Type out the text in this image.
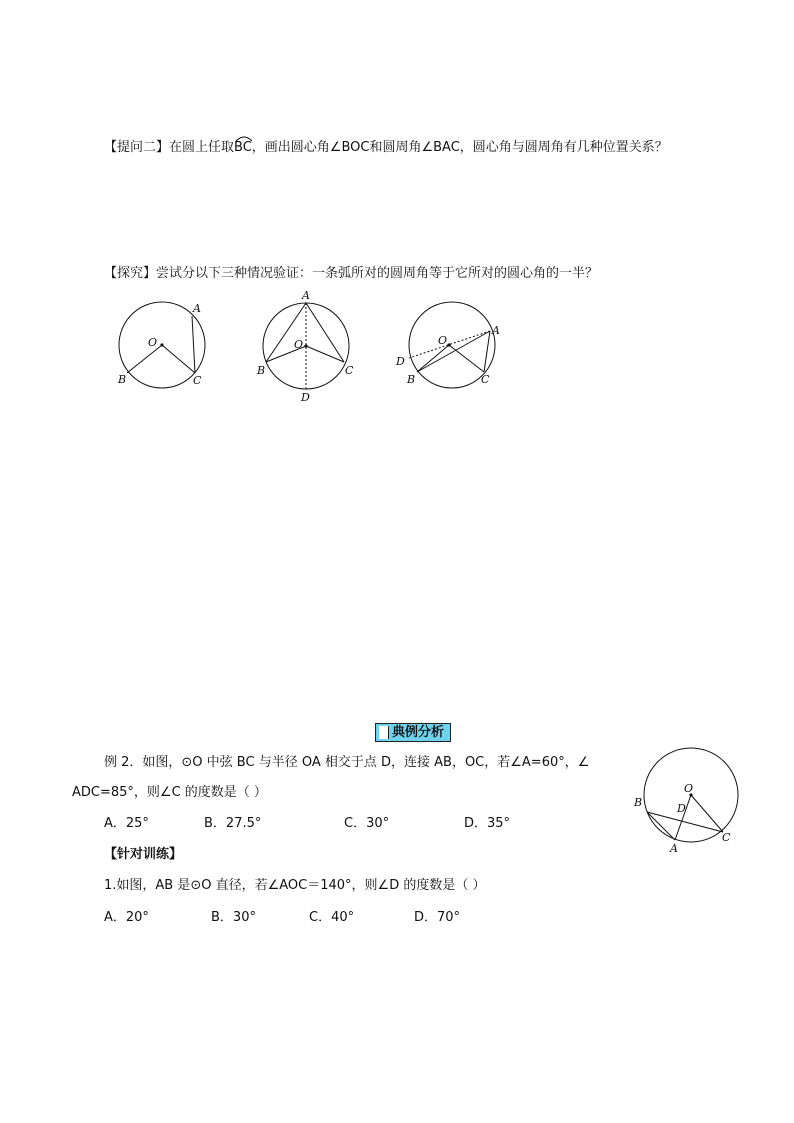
【提问二】在圆上任取
BC，画出圆心角∠BOC和圆周角∠BAC，圆心角与圆周角有几种位置关系？
【探究】尝试分以下三种情况验证：一条弧所对的圆周角等于它所对的圆心角的一半？
O
A
B	C
A
O
B	C
D
O
A
D
B	C
典例分析
例 2．如图，⊙O 中弦 BC 与半径 OA 相交于点 D，连接 AB，OC，若∠A=60°，∠
ADC=85°，则∠C 的度数是（ ）
A．25°	B．27.5°	C．30°	D．35°
O
B	D
C
A
【针对训练】
1.如图，AB 是⊙O 直径，若∠AOC＝140°，则∠D 的度数是（ ）
A．20°	B．30°	C．40°	D．70°
